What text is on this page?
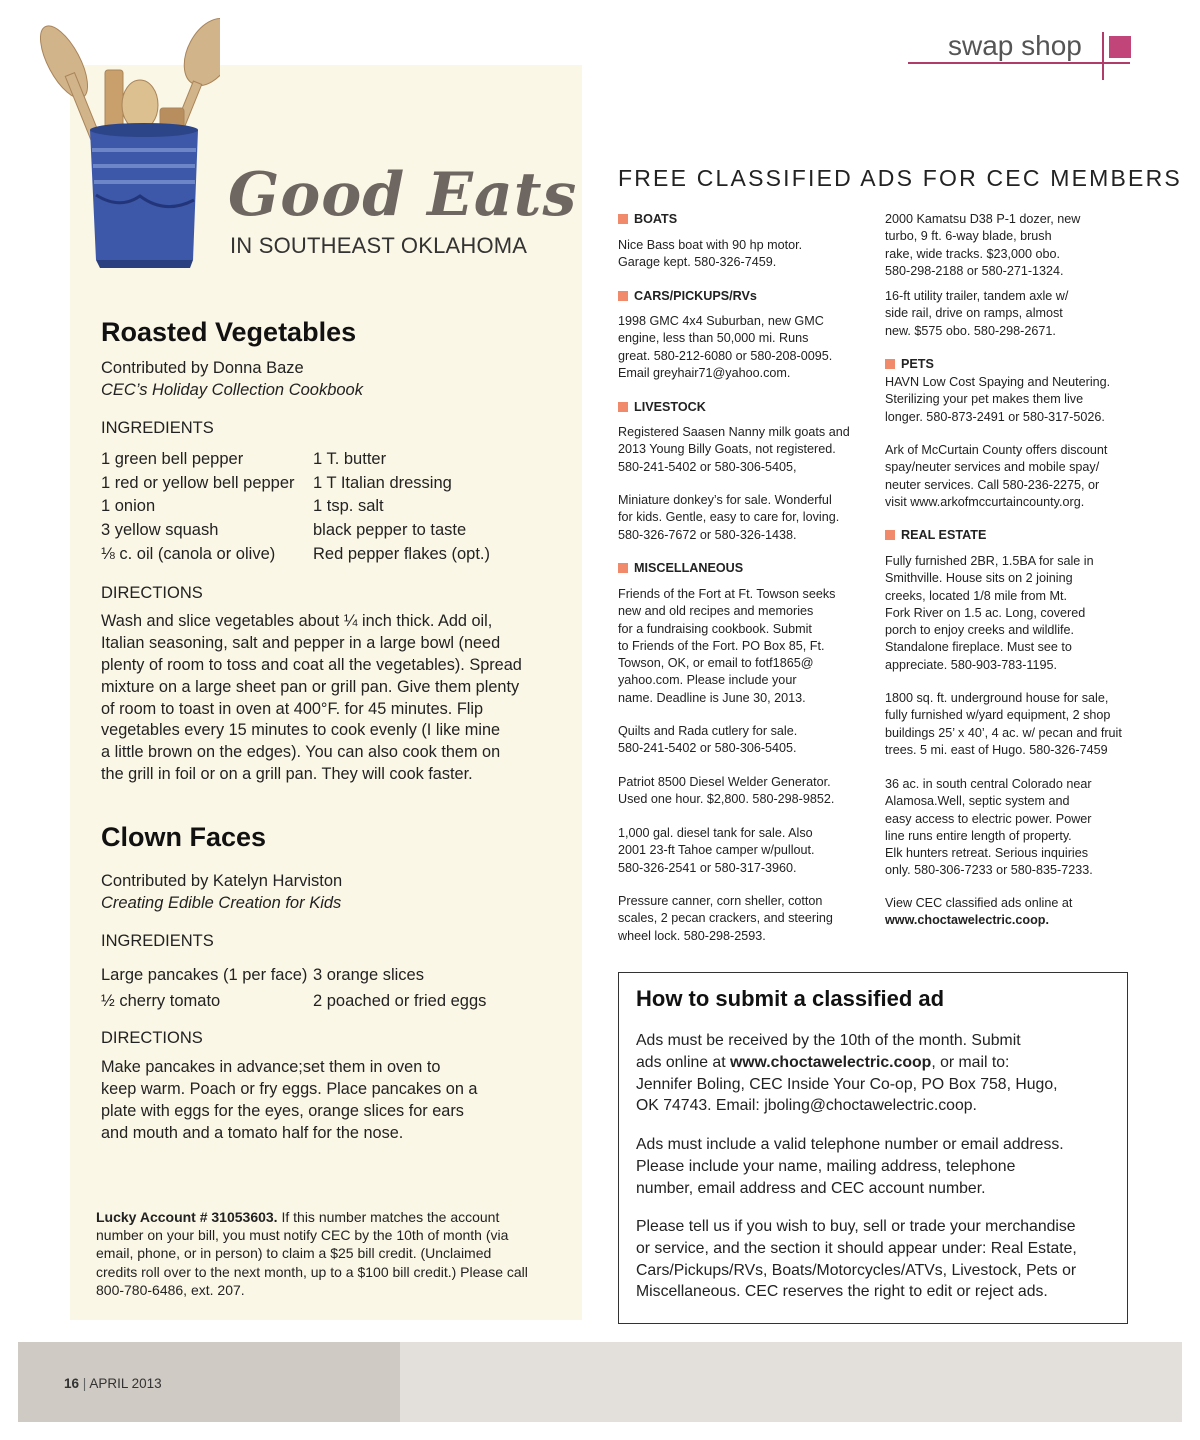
Good Eats
IN SOUTHEAST OKLAHOMA
Roasted Vegetables
Contributed by Donna Baze
CEC’s Holiday Collection Cookbook
INGREDIENTS
1 green bell pepper
1 red or yellow bell pepper
1 onion
3 yellow squash
⅛ c. oil (canola or olive)
1 T. butter
1 T Italian dressing
1 tsp. salt
black pepper to taste
Red pepper flakes (opt.)
DIRECTIONS
Wash and slice vegetables about ¼ inch thick. Add oil,
Italian seasoning, salt and pepper in a large bowl (need
plenty of room to toss and coat all the vegetables). Spread
mixture on a large sheet pan or grill pan. Give them plenty
of room to toast in oven at 400°F. for 45 minutes. Flip
vegetables every 15 minutes to cook evenly (I like mine
a little brown on the edges). You can also cook them on
the grill in foil or on a grill pan. They will cook faster.
Clown Faces
Contributed by Katelyn Harviston
Creating Edible Creation for Kids
INGREDIENTS
Large pancakes (1 per face)
½ cherry tomato
3 orange slices
2 poached or fried eggs
DIRECTIONS
Make pancakes in advance;set them in oven to
keep warm. Poach or fry eggs. Place pancakes on a
plate with eggs for the eyes, orange slices for ears
and mouth and a tomato half for the nose.
Lucky Account # 31053603. If this number matches the account
number on your bill, you must notify CEC by the 10th of month (via
email, phone, or in person) to claim a $25 bill credit. (Unclaimed
credits roll over to the next month, up to a $100 bill credit.) Please call
800-780-6486, ext. 207.
swap shop
FREE CLASSIFIED ADS FOR CEC MEMBERS
BOATS
Nice Bass boat with 90 hp motor.
Garage kept. 580-326-7459.
CARS/PICKUPS/RVs
1998 GMC 4x4 Suburban, new GMC
engine, less than 50,000 mi. Runs
great. 580-212-6080 or 580-208-0095.
Email greyhair71@yahoo.com.
LIVESTOCK
Registered Saasen Nanny milk goats and
2013 Young Billy Goats, not registered.
580-241-5402 or 580-306-5405,
Miniature donkey’s for sale. Wonderful
for kids. Gentle, easy to care for, loving.
580-326-7672 or 580-326-1438.
MISCELLANEOUS
Friends of the Fort at Ft. Towson seeks
new and old recipes and memories
for a fundraising cookbook. Submit
to Friends of the Fort. PO Box 85, Ft.
Towson, OK, or email to fotf1865@
yahoo.com. Please include your
name. Deadline is June 30, 2013.
Quilts and Rada cutlery for sale.
580-241-5402 or 580-306-5405.
Patriot 8500 Diesel Welder Generator.
Used one hour. $2,800. 580-298-9852.
1,000 gal. diesel tank for sale. Also
2001 23-ft Tahoe camper w/pullout.
580-326-2541 or 580-317-3960.
Pressure canner, corn sheller, cotton
scales, 2 pecan crackers, and steering
wheel lock. 580-298-2593.
2000 Kamatsu D38 P-1 dozer, new
turbo, 9 ft. 6-way blade, brush
rake, wide tracks. $23,000 obo.
580-298-2188 or 580-271-1324.
16-ft utility trailer, tandem axle w/
side rail, drive on ramps, almost
new. $575 obo. 580-298-2671.
PETS
HAVN Low Cost Spaying and Neutering.
Sterilizing your pet makes them live
longer. 580-873-2491 or 580-317-5026.
Ark of McCurtain County offers discount
spay/neuter services and mobile spay/
neuter services. Call 580-236-2275, or
visit www.arkofmccurtaincounty.org.
REAL ESTATE
Fully furnished 2BR, 1.5BA for sale in
Smithville. House sits on 2 joining
creeks, located 1/8 mile from Mt.
Fork River on 1.5 ac. Long, covered
porch to enjoy creeks and wildlife.
Standalone fireplace. Must see to
appreciate. 580-903-783-1195.
1800 sq. ft. underground house for sale,
fully furnished w/yard equipment, 2 shop
buildings 25’ x 40’, 4 ac. w/ pecan and fruit
trees. 5 mi. east of Hugo. 580-326-7459
36 ac. in south central Colorado near
Alamosa.Well, septic system and
easy access to electric power. Power
line runs entire length of property.
Elk hunters retreat. Serious inquiries
only. 580-306-7233 or 580-835-7233.
View CEC classified ads online at
www.choctawelectric.coop.
How to submit a classified ad
Ads must be received by the 10th of the month. Submit
ads online at www.choctawelectric.coop, or mail to:
Jennifer Boling, CEC Inside Your Co-op, PO Box 758, Hugo,
OK 74743. Email: jboling@choctawelectric.coop.
Ads must include a valid telephone number or email address.
Please include your name, mailing address, telephone
number, email address and CEC account number.
Please tell us if you wish to buy, sell or trade your merchandise
or service, and the section it should appear under: Real Estate,
Cars/Pickups/RVs, Boats/Motorcycles/ATVs, Livestock, Pets or
Miscellaneous. CEC reserves the right to edit or reject ads.
16 | APRIL 2013
